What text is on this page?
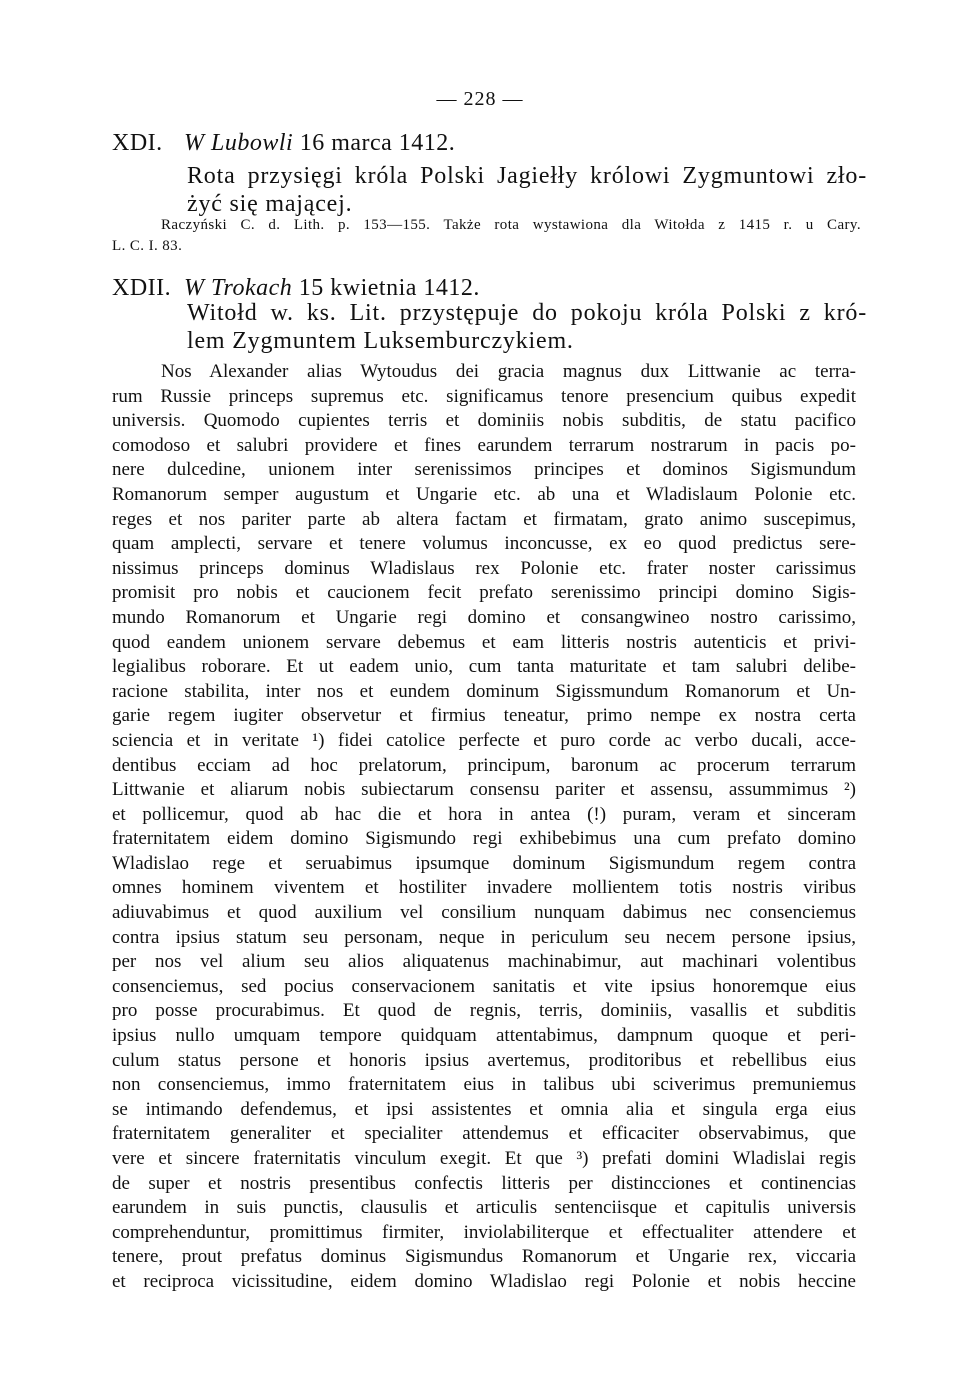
— 228 —
XDI. W Lubowli 16 marca 1412.
Rota przysięgi króla Polski Jagiełły królowi Zygmuntowi zło-
żyć się mającej.
Raczyński C. d. Lith. p. 153—155. Także rota wystawiona dla Witołda z 1415 r. u Cary.
L. C. I. 83.
XDII. W Trokach 15 kwietnia 1412.
Witołd w. ks. Lit. przystępuje do pokoju króla Polski z kró-
lem Zygmuntem Luksemburczykiem.
Nos Alexander alias Wytoudus dei gracia magnus dux Littwanie ac terra-
rum Russie princeps supremus etc. significamus tenore presencium quibus expedit
universis. Quomodo cupientes terris et dominiis nobis subditis, de statu pacifico
comodoso et salubri providere et fines earundem terrarum nostrarum in pacis po-
nere dulcedine, unionem inter serenissimos principes et dominos Sigismundum
Romanorum semper augustum et Ungarie etc. ab una et Wladislaum Polonie etc.
reges et nos pariter parte ab altera factam et firmatam, grato animo suscepimus,
quam amplecti, servare et tenere volumus inconcusse, ex eo quod predictus sere-
nissimus princeps dominus Wladislaus rex Polonie etc. frater noster carissimus
promisit pro nobis et caucionem fecit prefato serenissimo principi domino Sigis-
mundo Romanorum et Ungarie regi domino et consangwineo nostro carissimo,
quod eandem unionem servare debemus et eam litteris nostris autenticis et privi-
legialibus roborare. Et ut eadem unio, cum tanta maturitate et tam salubri delibe-
racione stabilita, inter nos et eundem dominum Sigissmundum Romanorum et Un-
garie regem iugiter observetur et firmius teneatur, primo nempe ex nostra certa
sciencia et in veritate ¹) fidei catolice perfecte et puro corde ac verbo ducali, acce-
dentibus ecciam ad hoc prelatorum, principum, baronum ac procerum terrarum
Littwanie et aliarum nobis subiectarum consensu pariter et assensu, assummimus ²)
et pollicemur, quod ab hac die et hora in antea (!) puram, veram et sinceram
fraternitatem eidem domino Sigismundo regi exhibebimus una cum prefato domino
Wladislao rege et seruabimus ipsumque dominum Sigismundum regem contra
omnes hominem viventem et hostiliter invadere mollientem totis nostris viribus
adiuvabimus et quod auxilium vel consilium nunquam dabimus nec consenciemus
contra ipsius statum seu personam, neque in periculum seu necem persone ipsius,
per nos vel alium seu alios aliquatenus machinabimur, aut machinari volentibus
consenciemus, sed pocius conservacionem sanitatis et vite ipsius honoremque eius
pro posse procurabimus. Et quod de regnis, terris, dominiis, vasallis et subditis
ipsius nullo umquam tempore quidquam attentabimus, dampnum quoque et peri-
culum status persone et honoris ipsius avertemus, proditoribus et rebellibus eius
non consenciemus, immo fraternitatem eius in talibus ubi sciverimus premuniemus
se intimando defendemus, et ipsi assistentes et omnia alia et singula erga eius
fraternitatem generaliter et specialiter attendemus et efficaciter observabimus, que
vere et sincere fraternitatis vinculum exegit. Et que ³) prefati domini Wladislai regis
de super et nostris presentibus confectis litteris per distincciones et continencias
earundem in suis punctis, clausulis et articulis sentenciisque et capitulis universis
comprehenduntur, promittimus firmiter, inviolabiliterque et effectualiter attendere et
tenere, prout prefatus dominus Sigismundus Romanorum et Ungarie rex, viccaria
et reciproca vicissitudine, eidem domino Wladislao regi Polonie et nobis heccine
